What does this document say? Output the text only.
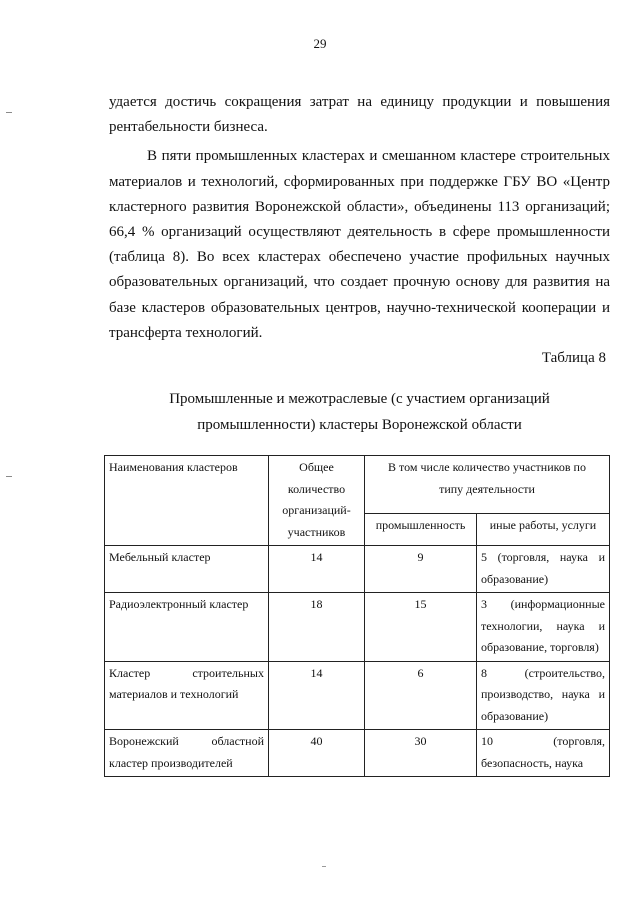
29

удается достичь сокращения затрат на единицу продукции и повышения рентабельности бизнеса.

В пяти промышленных кластерах и смешанном кластере строительных материалов и технологий, сформированных при поддержке ГБУ ВО «Центр кластерного развития Воронежской области», объединены 113 организаций; 66,4 % организаций осуществляют деятельность в сфере промышленности (таблица 8). Во всех кластерах обеспечено участие профильных научных образовательных организаций, что создает прочную основу для развития на базе кластеров образовательных центров, научно-технической кооперации и трансферта технологий.

Таблица 8
Промышленные и межотраслевые (с участием организаций промышленности) кластеры Воронежской области
Наименования кластеров	Общее количество организаций-участников	В том числе количество участников по типу деятельности	
		промышленность	иные работы, услуги
Мебельный кластер	14	9	5 (торговля, наука и образование)
Радиоэлектронный кластер	18	15	3 (информационные технологии, наука и образование, торговля)
Кластер строительных материалов и технологий	14	6	8 (строительство, производство, наука и образование)
Воронежский областной кластер производителей	40	30	10 (торговля, безопасность, наука
